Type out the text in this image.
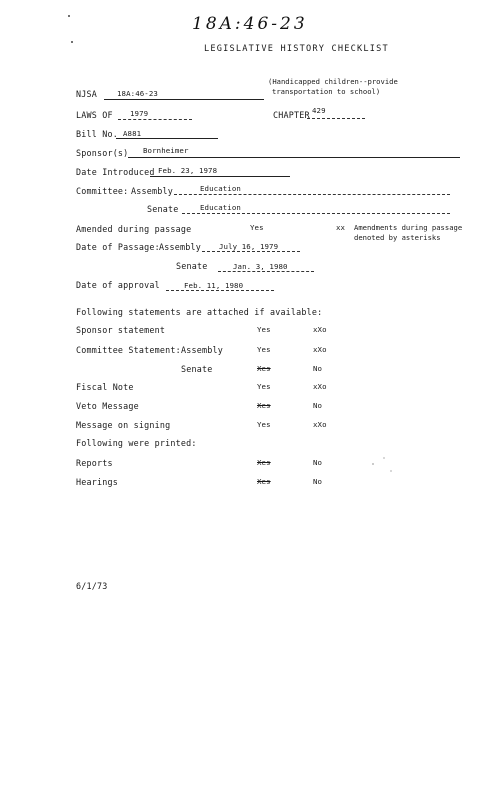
18A:46-23
LEGISLATIVE HISTORY CHECKLIST
(Handicapped children--provide
transportation to school)
NJSA	18A:46-23
LAWS OF 1979	CHAPTER 429
Bill No. A881
Sponsor(s) Bornheimer
Date Introduced Feb. 23, 1978
Committee: Assembly	Education
Senate	Education
Amended during passage	Yes	xx Amendments during passage
denoted by asterisks
Date of Passage: Assembly July 16, 1979
Senate	Jan. 3, 1980
Date of approval	Feb. 11, 1980
Following statements are attached if available:
Sponsor statement	Yes	xXo
Committee Statement: Assembly	Yes	xXo
Senate	Xes	No
Fiscal Note	Yes	xXo
Veto Message	Xes	No
Message on signing	Yes	xXo
Following were printed:
Reports	Xes	No
Hearings	Xes	No
6/1/73
